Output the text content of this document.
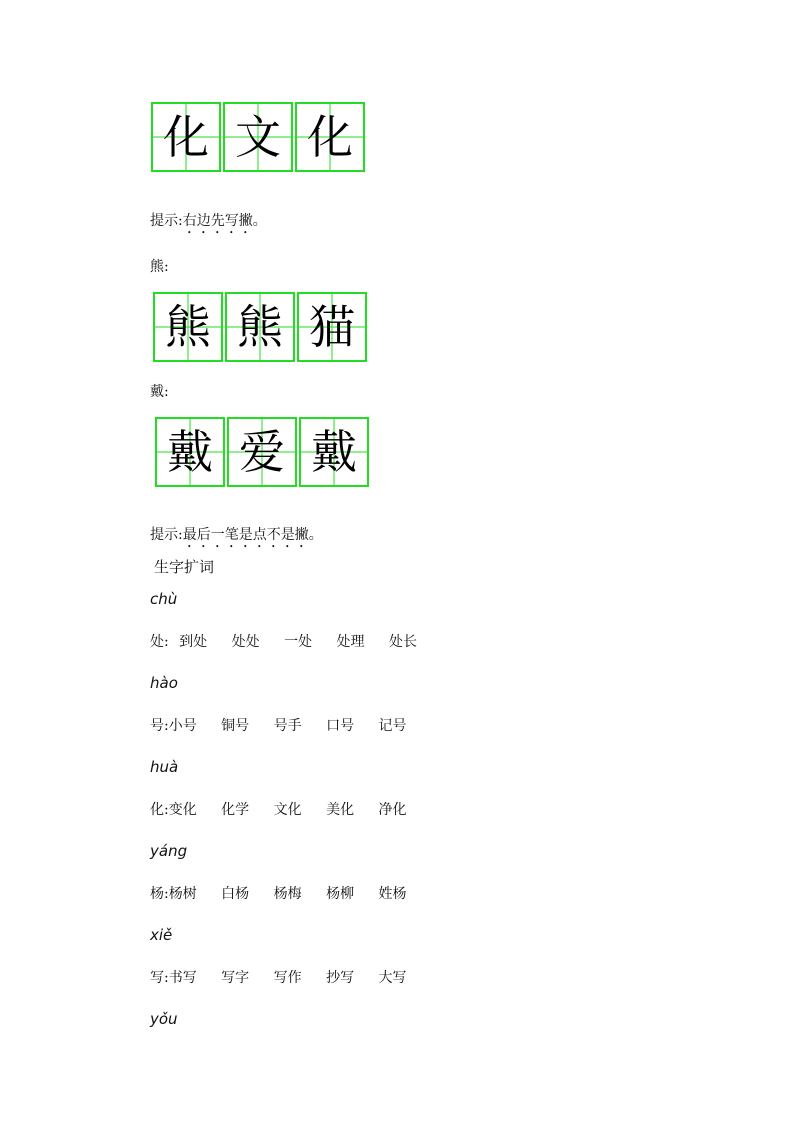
化 文 化
提示:右边先写撇。
熊:
熊 熊 猫
戴:
戴 爱 戴
提示:最后一笔是点不是撇。
生字扩词
chù
处: 到处 处处 一处 处理 处长
hào
号:小号 铜号 号手 口号 记号
huà
化:变化 化学 文化 美化 净化
yáng
杨:杨树 白杨 杨梅 杨柳 姓杨
xiě
写:书写 写字 写作 抄写 大写
yǒu
